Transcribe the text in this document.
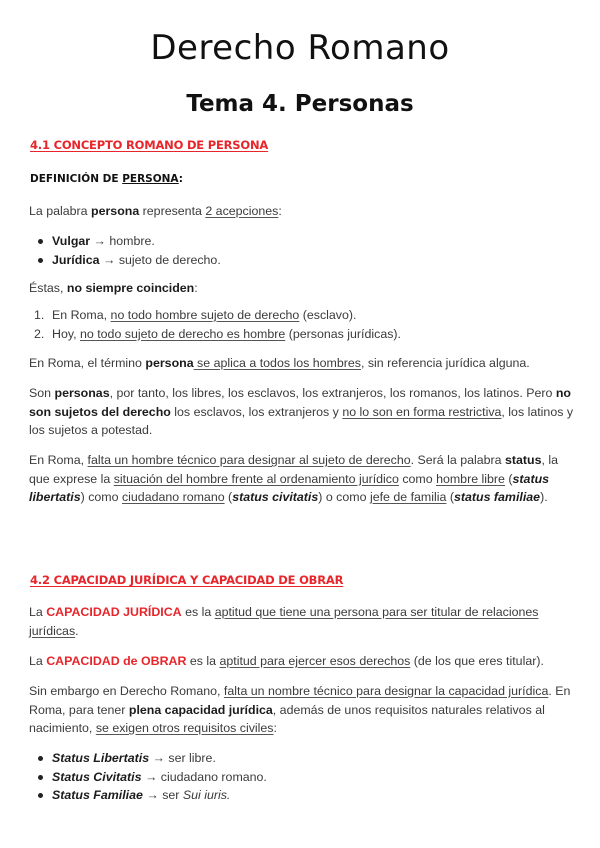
Derecho Romano
Tema 4. Personas
4.1 CONCEPTO ROMANO DE PERSONA
DEFINICIÓN DE PERSONA:
La palabra persona representa 2 acepciones:
Vulgar → hombre.
Jurídica → sujeto de derecho.
Éstas, no siempre coinciden:
1. En Roma, no todo hombre sujeto de derecho (esclavo).
2. Hoy, no todo sujeto de derecho es hombre (personas jurídicas).
En Roma, el término persona se aplica a todos los hombres, sin referencia jurídica alguna.
Son personas, por tanto, los libres, los esclavos, los extranjeros, los romanos, los latinos. Pero no son sujetos del derecho los esclavos, los extranjeros y no lo son en forma restrictiva, los latinos y los sujetos a potestad.
En Roma, falta un hombre técnico para designar al sujeto de derecho. Será la palabra status, la que exprese la situación del hombre frente al ordenamiento jurídico como hombre libre (status libertatis) como ciudadano romano (status civitatis) o como jefe de familia (status familiae).
4.2 CAPACIDAD JURÍDICA Y CAPACIDAD DE OBRAR
La CAPACIDAD JURÍDICA es la aptitud que tiene una persona para ser titular de relaciones jurídicas.
La CAPACIDAD de OBRAR es la aptitud para ejercer esos derechos (de los que eres titular).
Sin embargo en Derecho Romano, falta un nombre técnico para designar la capacidad jurídica. En Roma, para tener plena capacidad jurídica, además de unos requisitos naturales relativos al nacimiento, se exigen otros requisitos civiles:
Status Libertatis → ser libre.
Status Civitatis → ciudadano romano.
Status Familiae → ser Sui iuris.
